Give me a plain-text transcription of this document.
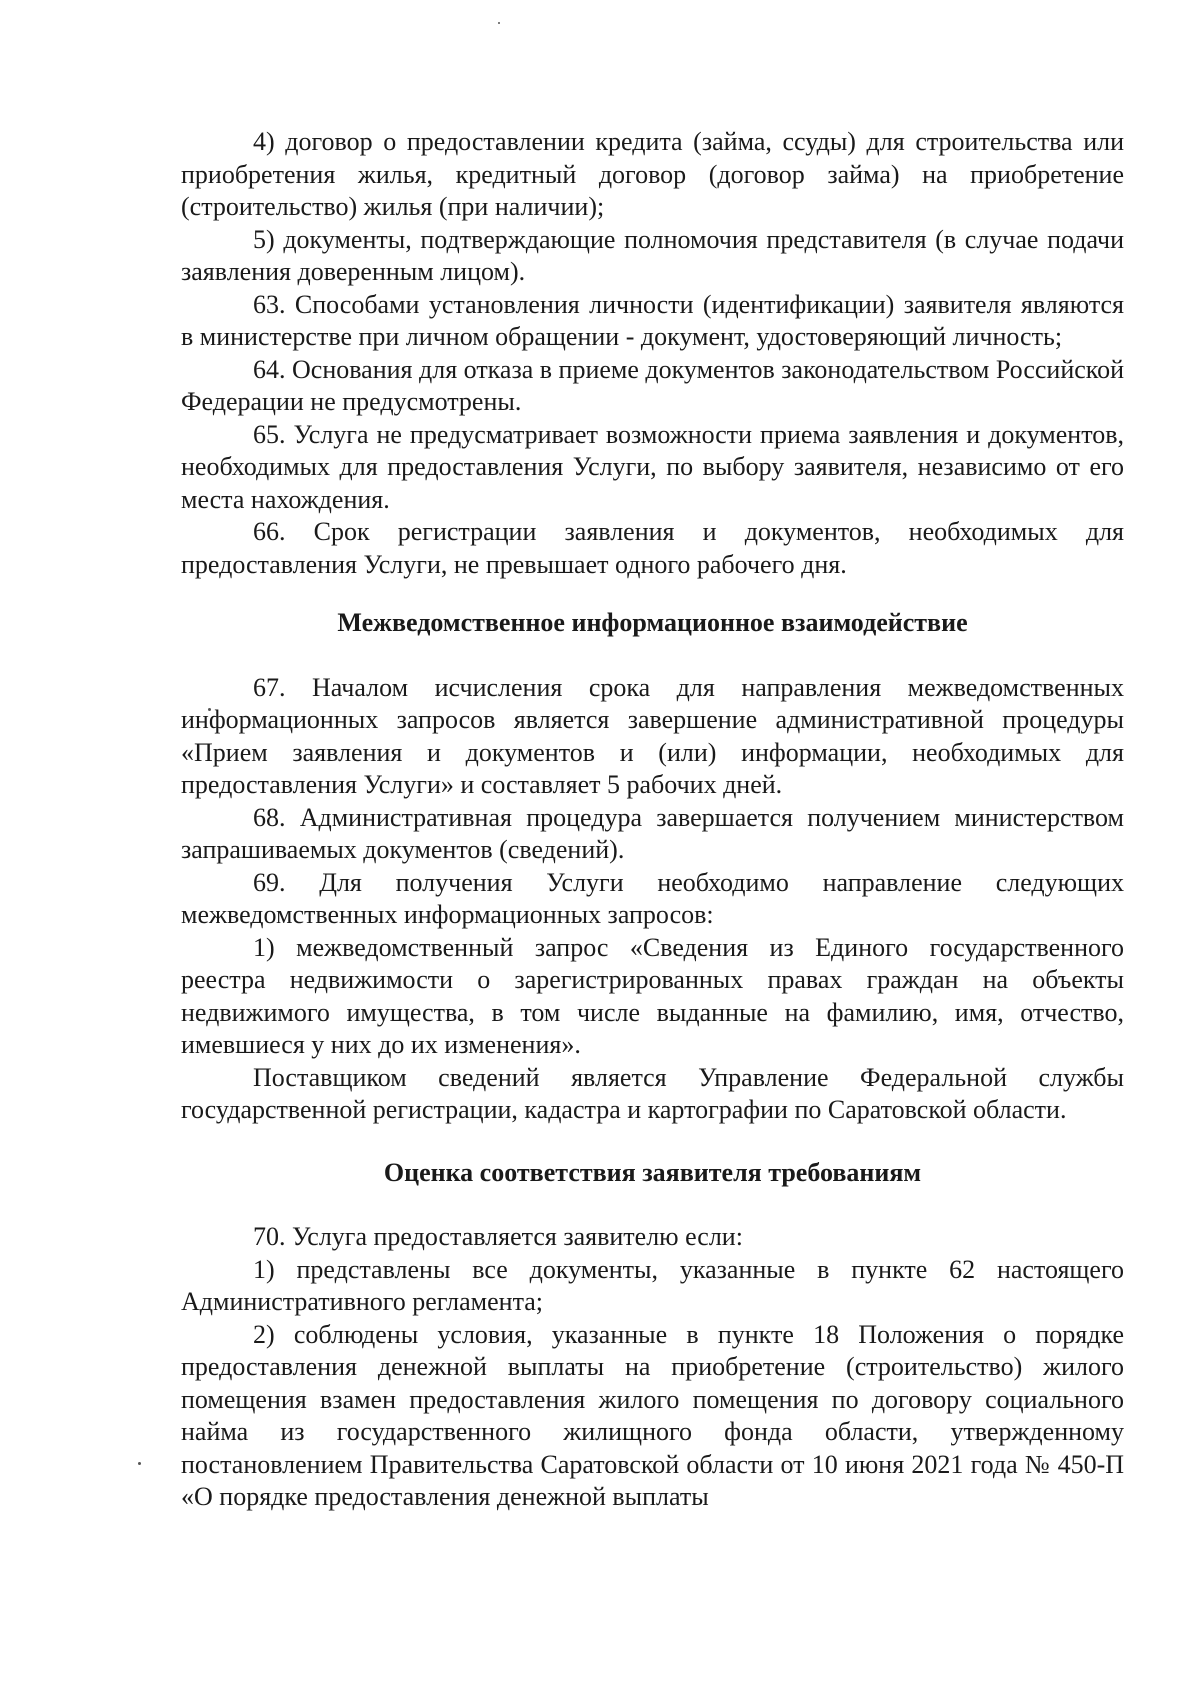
4) договор о предоставлении кредита (займа, ссуды) для строительства или приобретения жилья, кредитный договор (договор займа) на приобретение (строительство) жилья (при наличии);

5) документы, подтверждающие полномочия представителя (в случае подачи заявления доверенным лицом).

63. Способами установления личности (идентификации) заявителя являются в министерстве при личном обращении - документ, удостоверяющий личность;

64. Основания для отказа в приеме документов законодательством Российской Федерации не предусмотрены.

65. Услуга не предусматривает возможности приема заявления и документов, необходимых для предоставления Услуги, по выбору заявителя, независимо от его места нахождения.

66. Срок регистрации заявления и документов, необходимых для предоставления Услуги, не превышает одного рабочего дня.

Межведомственное информационное взаимодействие

67. Началом исчисления срока для направления межведомственных информационных запросов является завершение административной процедуры «Прием заявления и документов и (или) информации, необходимых для предоставления Услуги» и составляет 5 рабочих дней.

68. Административная процедура завершается получением министерством запрашиваемых документов (сведений).

69. Для получения Услуги необходимо направление следующих межведомственных информационных запросов:

1) межведомственный запрос «Сведения из Единого государственного реестра недвижимости о зарегистрированных правах граждан на объекты недвижимого имущества, в том числе выданные на фамилию, имя, отчество, имевшиеся у них до их изменения».

Поставщиком сведений является Управление Федеральной службы государственной регистрации, кадастра и картографии по Саратовской области.

Оценка соответствия заявителя требованиям

70. Услуга предоставляется заявителю если:

1) представлены все документы, указанные в пункте 62 настоящего Административного регламента;

2) соблюдены условия, указанные в пункте 18 Положения о порядке предоставления денежной выплаты на приобретение (строительство) жилого помещения взамен предоставления жилого помещения по договору социального найма из государственного жилищного фонда области, утвержденному постановлением Правительства Саратовской области от 10 июня 2021 года № 450-П «О порядке предоставления денежной выплаты
